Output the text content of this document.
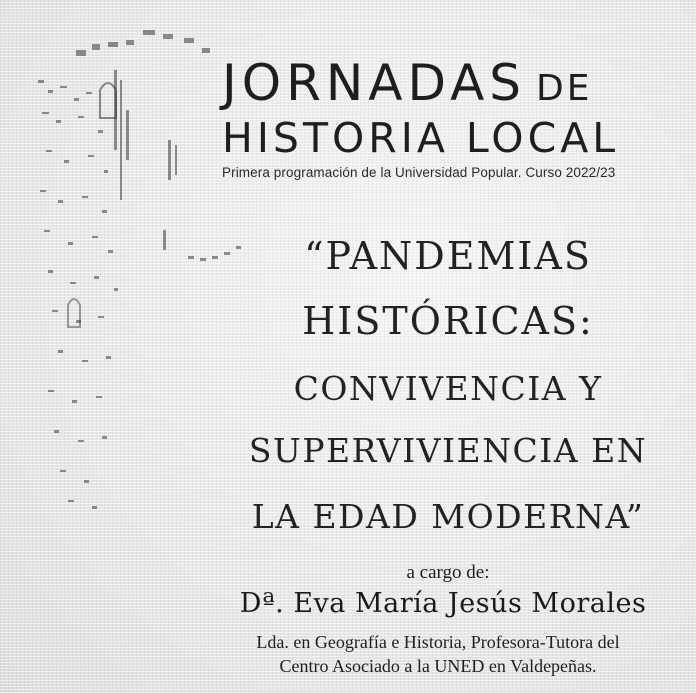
JORNADAS DE
HISTORIA LOCAL
Primera programación de la Universidad Popular. Curso 2022/23
“PANDEMIAS
HISTÓRICAS:
CONVIVENCIA Y
SUPERVIVIENCIA EN
LA EDAD MODERNA”
a cargo de:
Dª. Eva María Jesús Morales
Lda. en Geografía e Historia, Profesora-Tutora del
Centro Asociado a la UNED en Valdepeñas.
